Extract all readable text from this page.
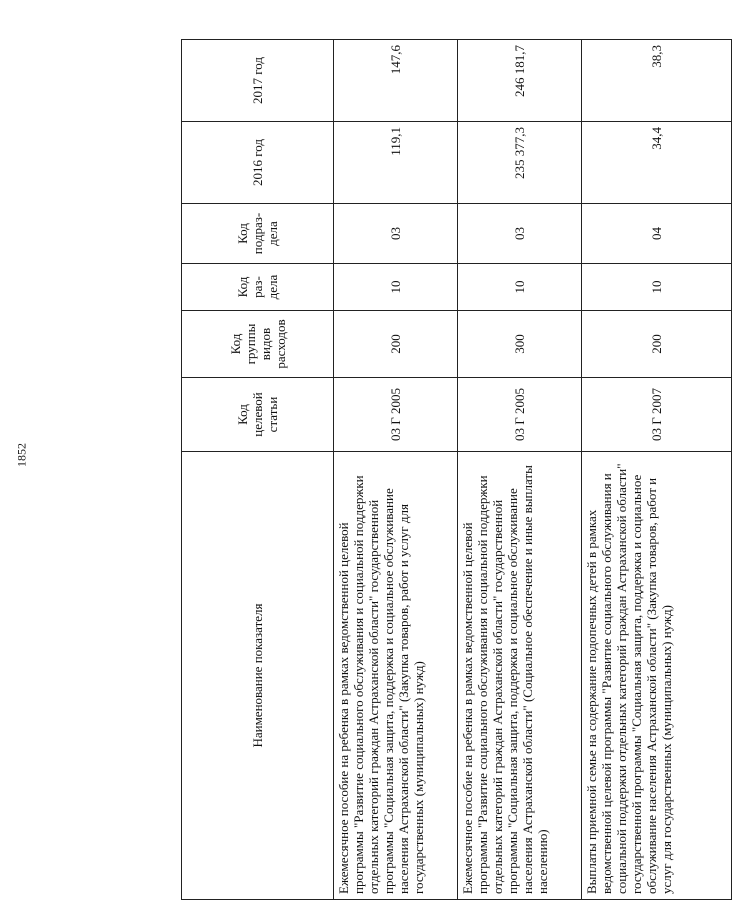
1852
Наименование показателя	Код целевой статьи	Код группы видов расходов	Код раз-дела	Код подраз-дела	2016 год	2017 год
Ежемесячное пособие на ребенка в рамках ведомственной целевой программы "Развитие социального обслуживания и социальной поддержки отдельных категорий граждан Астраханской области" государственной программы "Социальная защита, поддержка и социальное обслуживание населения Астраханской области" (Закупка товаров, работ и услуг для государственных (муниципальных) нужд)	03 Г 2005	200	10	03	119,1	147,6
Ежемесячное пособие на ребенка в рамках ведомственной целевой программы "Развитие социального обслуживания и социальной поддержки отдельных категорий граждан Астраханской области" государственной программы "Социальная защита, поддержка и социальное обслуживание населения Астраханской области" (Социальное обеспечение и иные выплаты населению)	03 Г 2005	300	10	03	235 377,3	246 181,7
Выплаты приемной семье на содержание подопечных детей в рамках ведомственной целевой программы "Развитие социального обслуживания и социальной поддержки отдельных категорий граждан Астраханской области" государственной программы "Социальная защита, поддержка и социальное обслуживание населения Астраханской области" (Закупка товаров, работ и услуг для государственных (муниципальных) нужд)	03 Г 2007	200	10	04	34,4	38,3
